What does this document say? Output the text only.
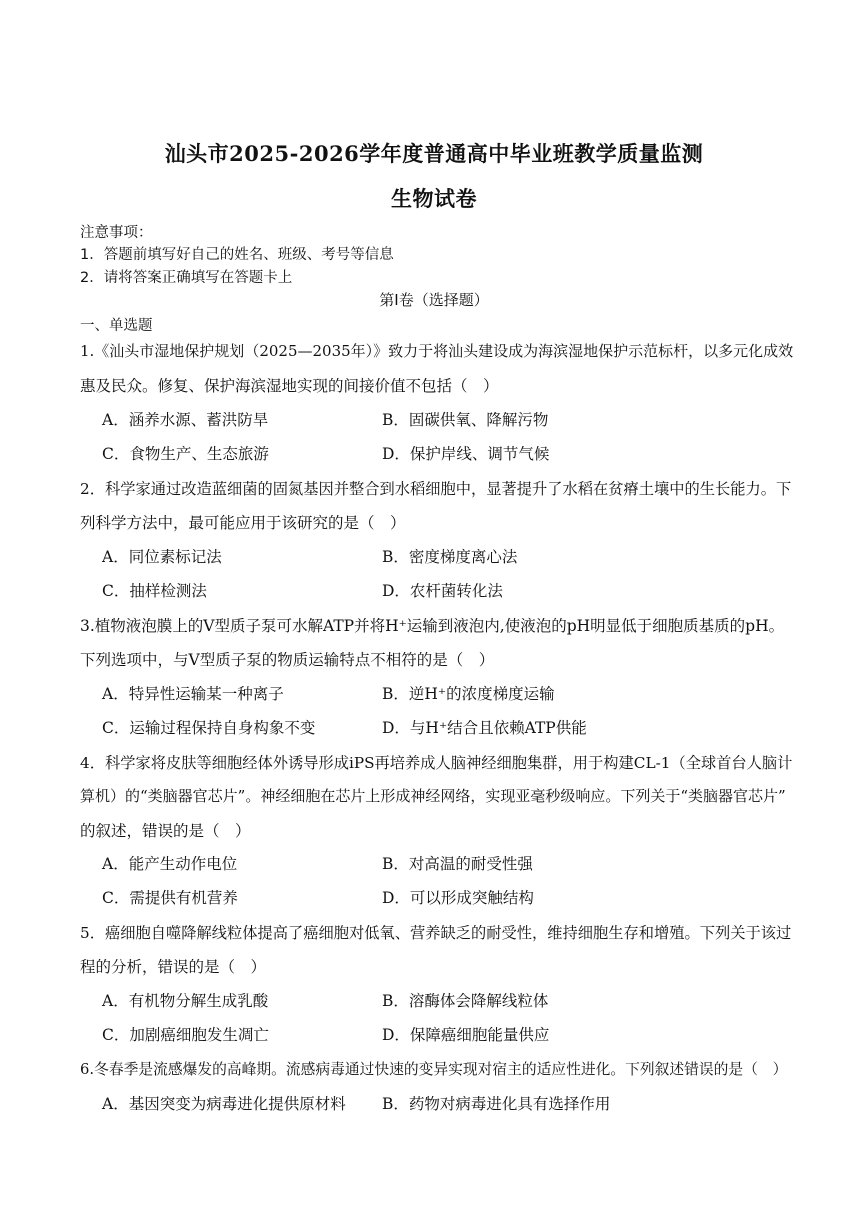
汕头市2025-2026学年度普通高中毕业班教学质量监测
生物试卷
注意事项：
1．答题前填写好自己的姓名、班级、考号等信息
2．请将答案正确填写在答题卡上
第I卷（选择题）
一、单选题
1.《汕头市湿地保护规划（2025—2035年）》致力于将汕头建设成为海滨湿地保护示范标杆，以多元化成效
惠及民众。修复、保护海滨湿地实现的间接价值不包括（　）
A．涵养水源、蓄洪防旱	B．固碳供氧、降解污物
C．食物生产、生态旅游	D．保护岸线、调节气候
2．科学家通过改造蓝细菌的固氮基因并整合到水稻细胞中，显著提升了水稻在贫瘠土壤中的生长能力。下
列科学方法中，最可能应用于该研究的是（　）
A．同位素标记法	B．密度梯度离心法
C．抽样检测法	D．农杆菌转化法
3.植物液泡膜上的V型质子泵可水解ATP并将H⁺运输到液泡内,使液泡的pH明显低于细胞质基质的pH。
下列选项中，与V型质子泵的物质运输特点不相符的是（　）
A．特异性运输某一种离子	B．逆H⁺的浓度梯度运输
C．运输过程保持自身构象不变	D．与H⁺结合且依赖ATP供能
4．科学家将皮肤等细胞经体外诱导形成iPS再培养成人脑神经细胞集群，用于构建CL-1（全球首台人脑计
算机）的“类脑器官芯片”。神经细胞在芯片上形成神经网络，实现亚毫秒级响应。下列关于“类脑器官芯片”
的叙述，错误的是（　）
A．能产生动作电位	B．对高温的耐受性强
C．需提供有机营养	D．可以形成突触结构
5．癌细胞自噬降解线粒体提高了癌细胞对低氧、营养缺乏的耐受性，维持细胞生存和增殖。下列关于该过
程的分析，错误的是（　）
A．有机物分解生成乳酸	B．溶酶体会降解线粒体
C．加剧癌细胞发生凋亡	D．保障癌细胞能量供应
6.冬春季是流感爆发的高峰期。流感病毒通过快速的变异实现对宿主的适应性进化。下列叙述错误的是（　）
A．基因突变为病毒进化提供原材料 B．药物对病毒进化具有选择作用
